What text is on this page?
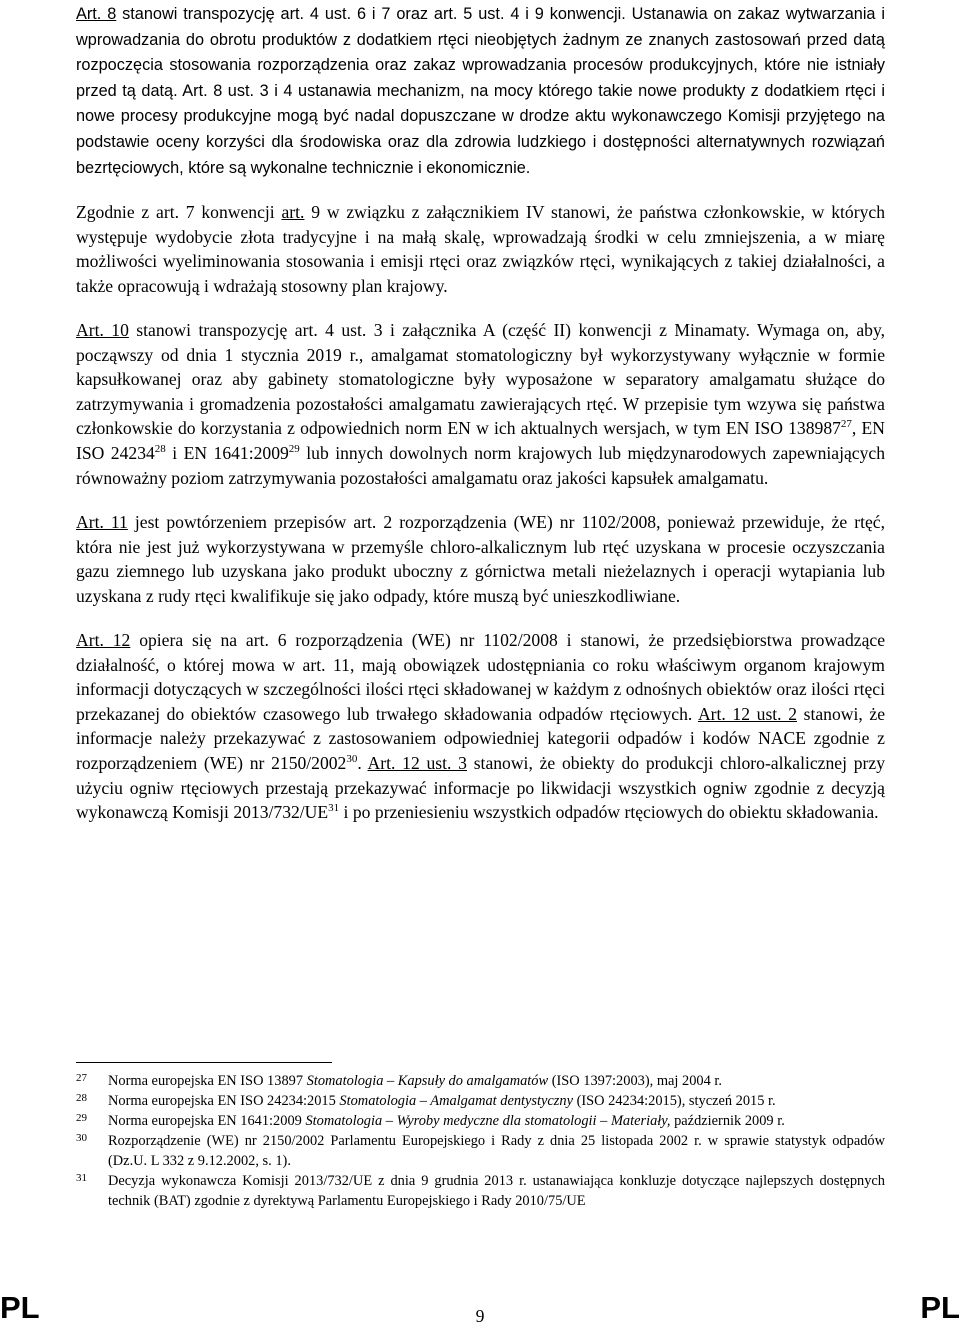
Art. 8 stanowi transpozycję art. 4 ust. 6 i 7 oraz art. 5 ust. 4 i 9 konwencji. Ustanawia on zakaz wytwarzania i wprowadzania do obrotu produktów z dodatkiem rtęci nieobjętych żadnym ze znanych zastosowań przed datą rozpoczęcia stosowania rozporządzenia oraz zakaz wprowadzania procesów produkcyjnych, które nie istniały przed tą datą. Art. 8 ust. 3 i 4 ustanawia mechanizm, na mocy którego takie nowe produkty z dodatkiem rtęci i nowe procesy produkcyjne mogą być nadal dopuszczane w drodze aktu wykonawczego Komisji przyjętego na podstawie oceny korzyści dla środowiska oraz dla zdrowia ludzkiego i dostępności alternatywnych rozwiązań bezrtęciowych, które są wykonalne technicznie i ekonomicznie.

Zgodnie z art. 7 konwencji art. 9 w związku z załącznikiem IV stanowi, że państwa członkowskie, w których występuje wydobycie złota tradycyjne i na małą skalę, wprowadzają środki w celu zmniejszenia, a w miarę możliwości wyeliminowania stosowania i emisji rtęci oraz związków rtęci, wynikających z takiej działalności, a także opracowują i wdrażają stosowny plan krajowy.

Art. 10 stanowi transpozycję art. 4 ust. 3 i załącznika A (część II) konwencji z Minamaty. Wymaga on, aby, począwszy od dnia 1 stycznia 2019 r., amalgamat stomatologiczny był wykorzystywany wyłącznie w formie kapsułkowanej oraz aby gabinety stomatologiczne były wyposażone w separatory amalgamatu służące do zatrzymywania i gromadzenia pozostałości amalgamatu zawierających rtęć. W przepisie tym wzywa się państwa członkowskie do korzystania z odpowiednich norm EN w ich aktualnych wersjach, w tym EN ISO 138987$^{27}$, EN ISO 24234$^{28}$ i EN 1641:2009$^{29}$ lub innych dowolnych norm krajowych lub międzynarodowych zapewniających równoważny poziom zatrzymywania pozostałości amalgamatu oraz jakości kapsułek amalgamatu.

Art. 11 jest powtórzeniem przepisów art. 2 rozporządzenia (WE) nr 1102/2008, ponieważ przewiduje, że rtęć, która nie jest już wykorzystywana w przemyśle chloro-alkalicznym lub rtęć uzyskana w procesie oczyszczania gazu ziemnego lub uzyskana jako produkt uboczny z górnictwa metali nieżelaznych i operacji wytapiania lub uzyskana z rudy rtęci kwalifikuje się jako odpady, które muszą być unieszkodliwiane.

Art. 12 opiera się na art. 6 rozporządzenia (WE) nr 1102/2008 i stanowi, że przedsiębiorstwa prowadzące działalność, o której mowa w art. 11, mają obowiązek udostępniania co roku właściwym organom krajowym informacji dotyczących w szczególności ilości rtęci składowanej w każdym z odnośnych obiektów oraz ilości rtęci przekazanej do obiektów czasowego lub trwałego składowania odpadów rtęciowych. Art. 12 ust. 2 stanowi, że informacje należy przekazywać z zastosowaniem odpowiedniej kategorii odpadów i kodów NACE zgodnie z rozporządzeniem (WE) nr 2150/2002$^{30}$. Art. 12 ust. 3 stanowi, że obiekty do produkcji chloro-alkalicznej przy użyciu ogniw rtęciowych przestają przekazywać informacje po likwidacji wszystkich ogniw zgodnie z decyzją wykonawczą Komisji 2013/732/UE$^{31}$ i po przeniesieniu wszystkich odpadów rtęciowych do obiektu składowania.

27	Norma europejska EN ISO 13897 Stomatologia – Kapsuły do amalgamatów (ISO 1397:2003), maj 2004 r.
28	Norma europejska EN ISO 24234:2015 Stomatologia – Amalgamat dentystyczny (ISO 24234:2015), styczeń 2015 r.
29	Norma europejska EN 1641:2009 Stomatologia – Wyroby medyczne dla stomatologii – Materiały, październik 2009 r.
30	Rozporządzenie (WE) nr 2150/2002 Parlamentu Europejskiego i Rady z dnia 25 listopada 2002 r. w sprawie statystyk odpadów (Dz.U. L 332 z 9.12.2002, s. 1).
31	Decyzja wykonawcza Komisji 2013/732/UE z dnia 9 grudnia 2013 r. ustanawiająca konkluzje dotyczące najlepszych dostępnych technik (BAT) zgodnie z dyrektywą Parlamentu Europejskiego i Rady 2010/75/UE
PL	9	PL
